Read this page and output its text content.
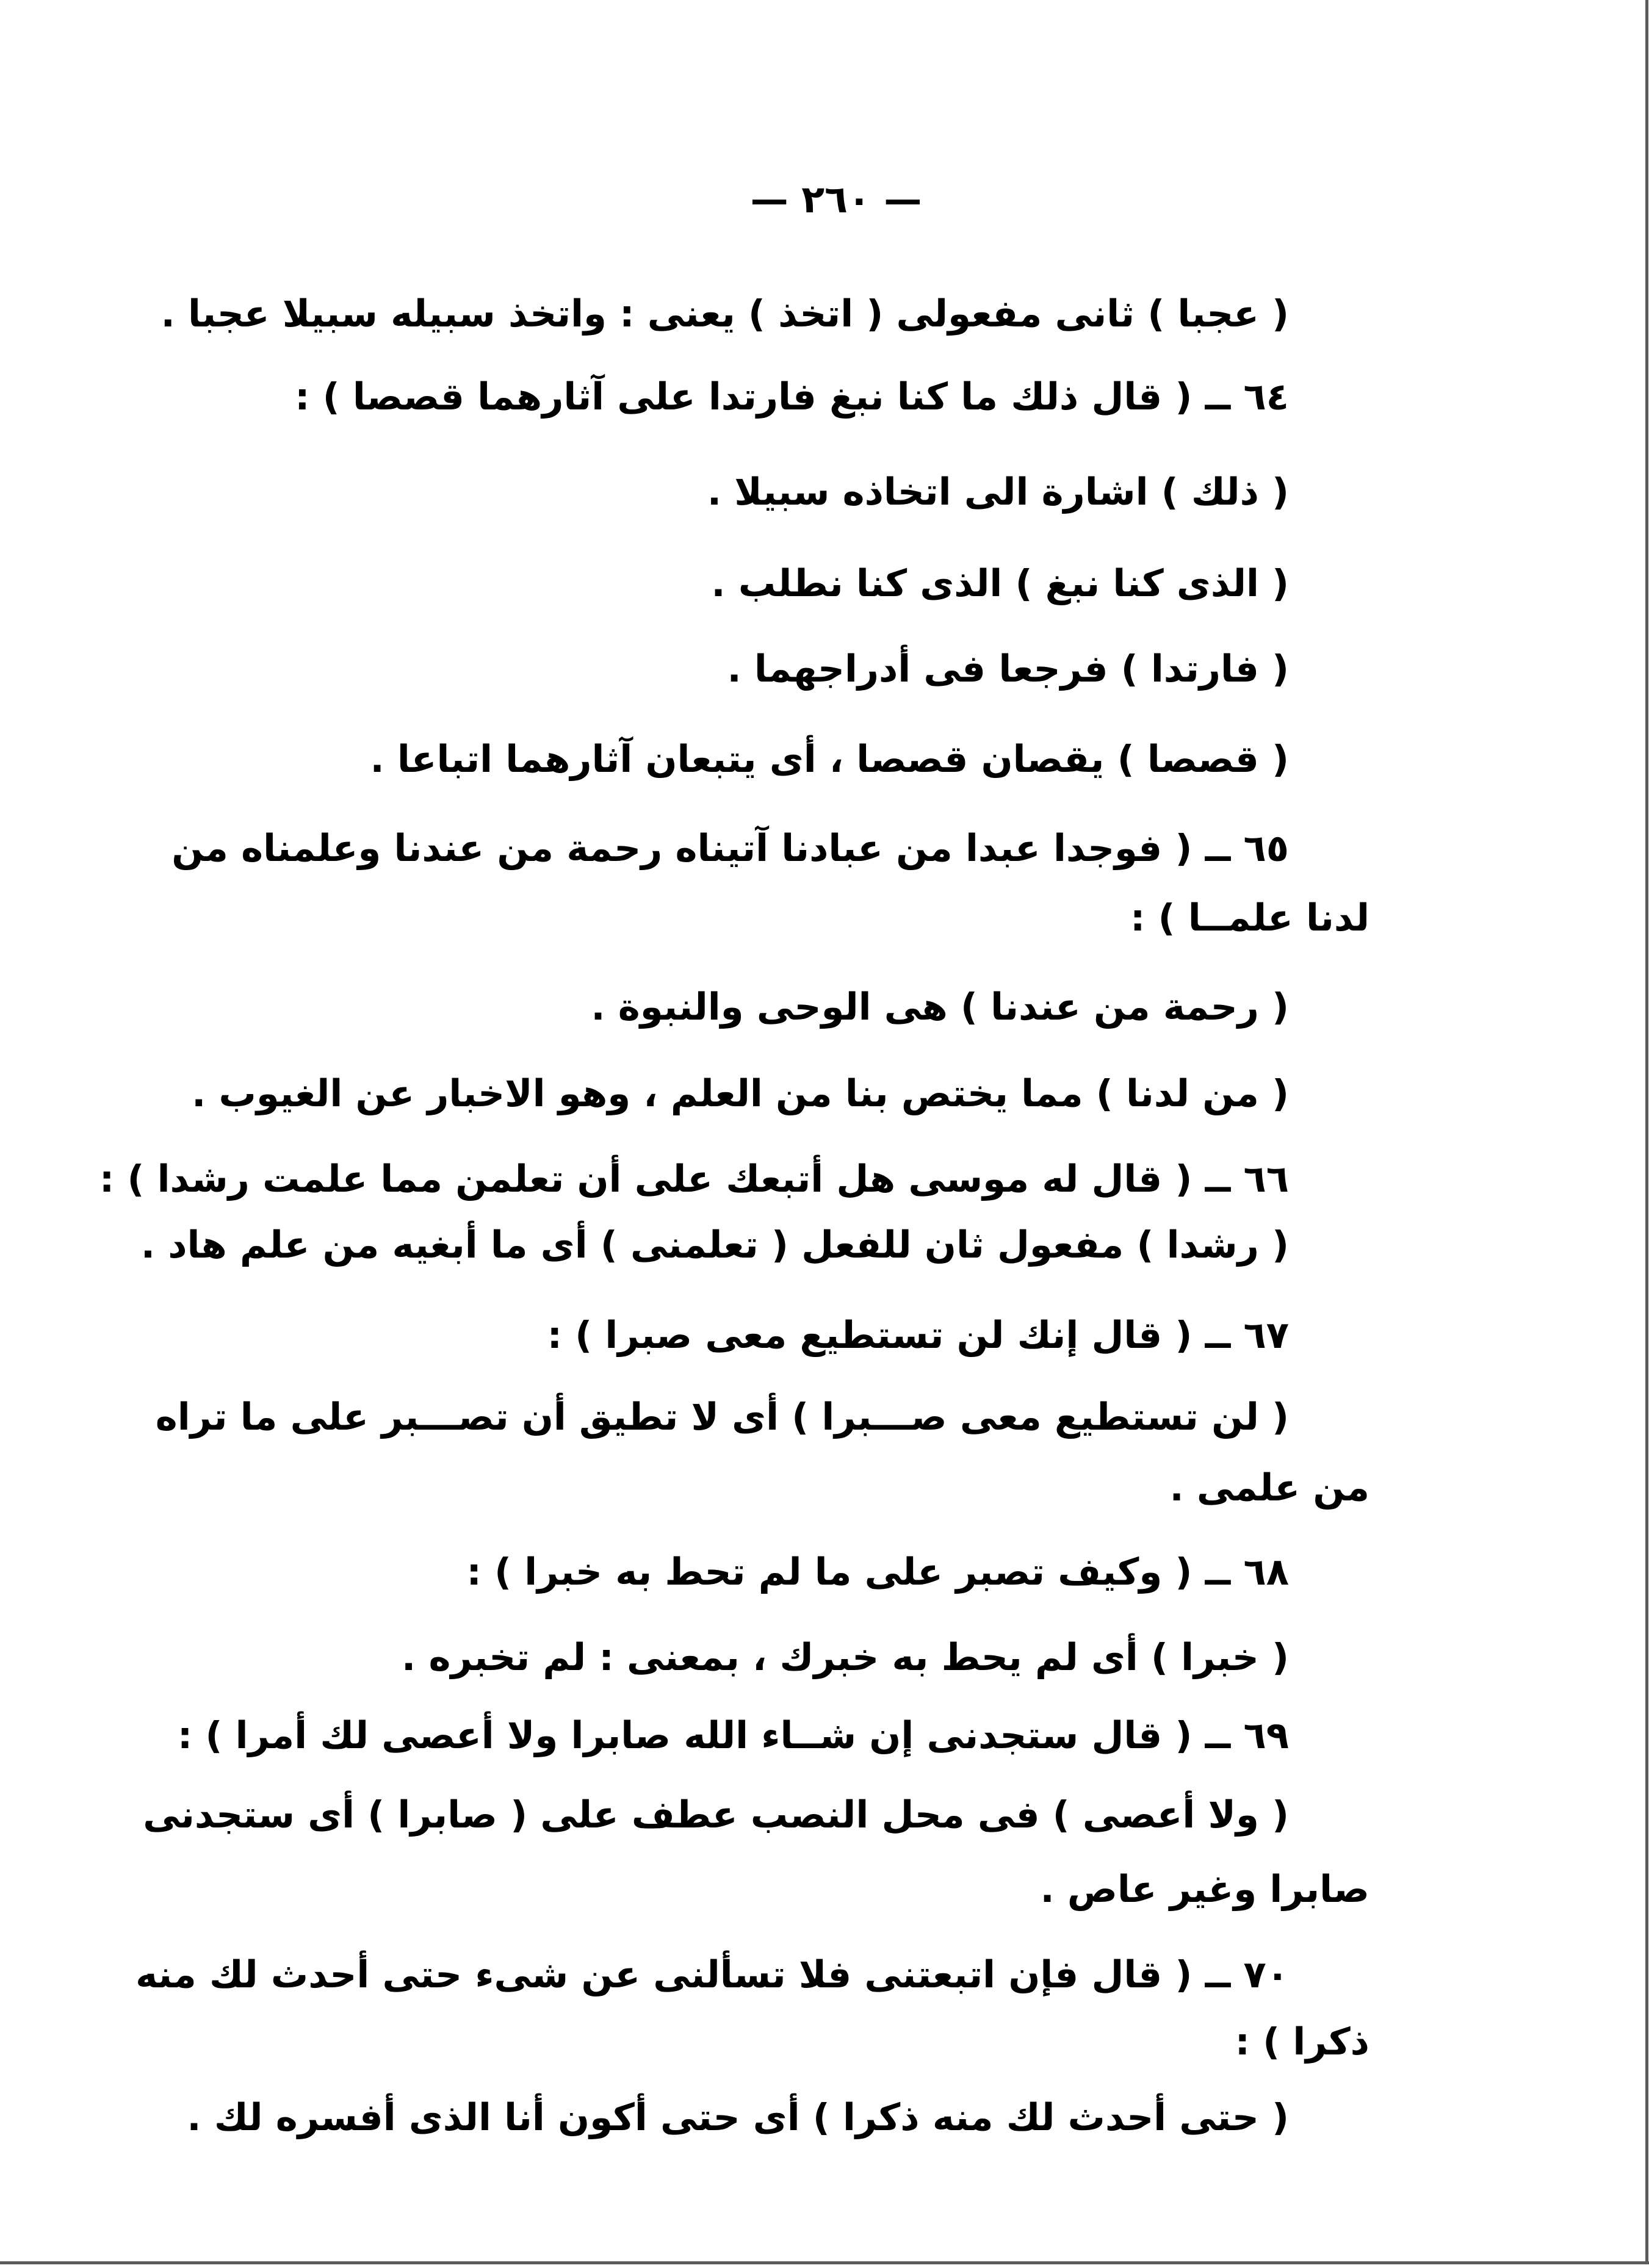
— ٢٦٠ —
( عجبا ) ثانى مفعولى ( اتخذ ) يعنى : واتخذ سبيله سبيلا عجبا .
٦٤ ــ ( قال ذلك ما كنا نبغ فارتدا على آثارهما قصصا ) :
( ذلك ) اشارة الى اتخاذه سبيلا .
( الذى كنا نبغ ) الذى كنا نطلب .
( فارتدا ) فرجعا فى أدراجهما .
( قصصا ) يقصان قصصا ، أى يتبعان آثارهما اتباعا .
٦٥ ــ ( فوجدا عبدا من عبادنا آتيناه رحمة من عندنا وعلمناه من
لدنا علمــا ) :
( رحمة من عندنا ) هى الوحى والنبوة .
( من لدنا ) مما يختص بنا من العلم ، وهو الاخبار عن الغيوب .
٦٦ ــ ( قال له موسى هل أتبعك على أن تعلمن مما علمت رشدا ) :
( رشدا ) مفعول ثان للفعل ( تعلمنى ) أى ما أبغيه من علم هاد .
٦٧ ــ ( قال إنك لن تستطيع معى صبرا ) :
( لن تستطيع معى صـــبرا ) أى لا تطيق أن تصـــبر على ما تراه
من علمى .
٦٨ ــ ( وكيف تصبر على ما لم تحط به خبرا ) :
( خبرا ) أى لم يحط به خبرك ، بمعنى : لم تخبره .
٦٩ ــ ( قال ستجدنى إن شــاء الله صابرا ولا أعصى لك أمرا ) :
( ولا أعصى ) فى محل النصب عطف على ( صابرا ) أى ستجدنى
صابرا وغير عاص .
٧٠ ــ ( قال فإن اتبعتنى فلا تسألنى عن شىء حتى أحدث لك منه
ذكرا ) :
( حتى أحدث لك منه ذكرا ) أى حتى أكون أنا الذى أفسره لك .
